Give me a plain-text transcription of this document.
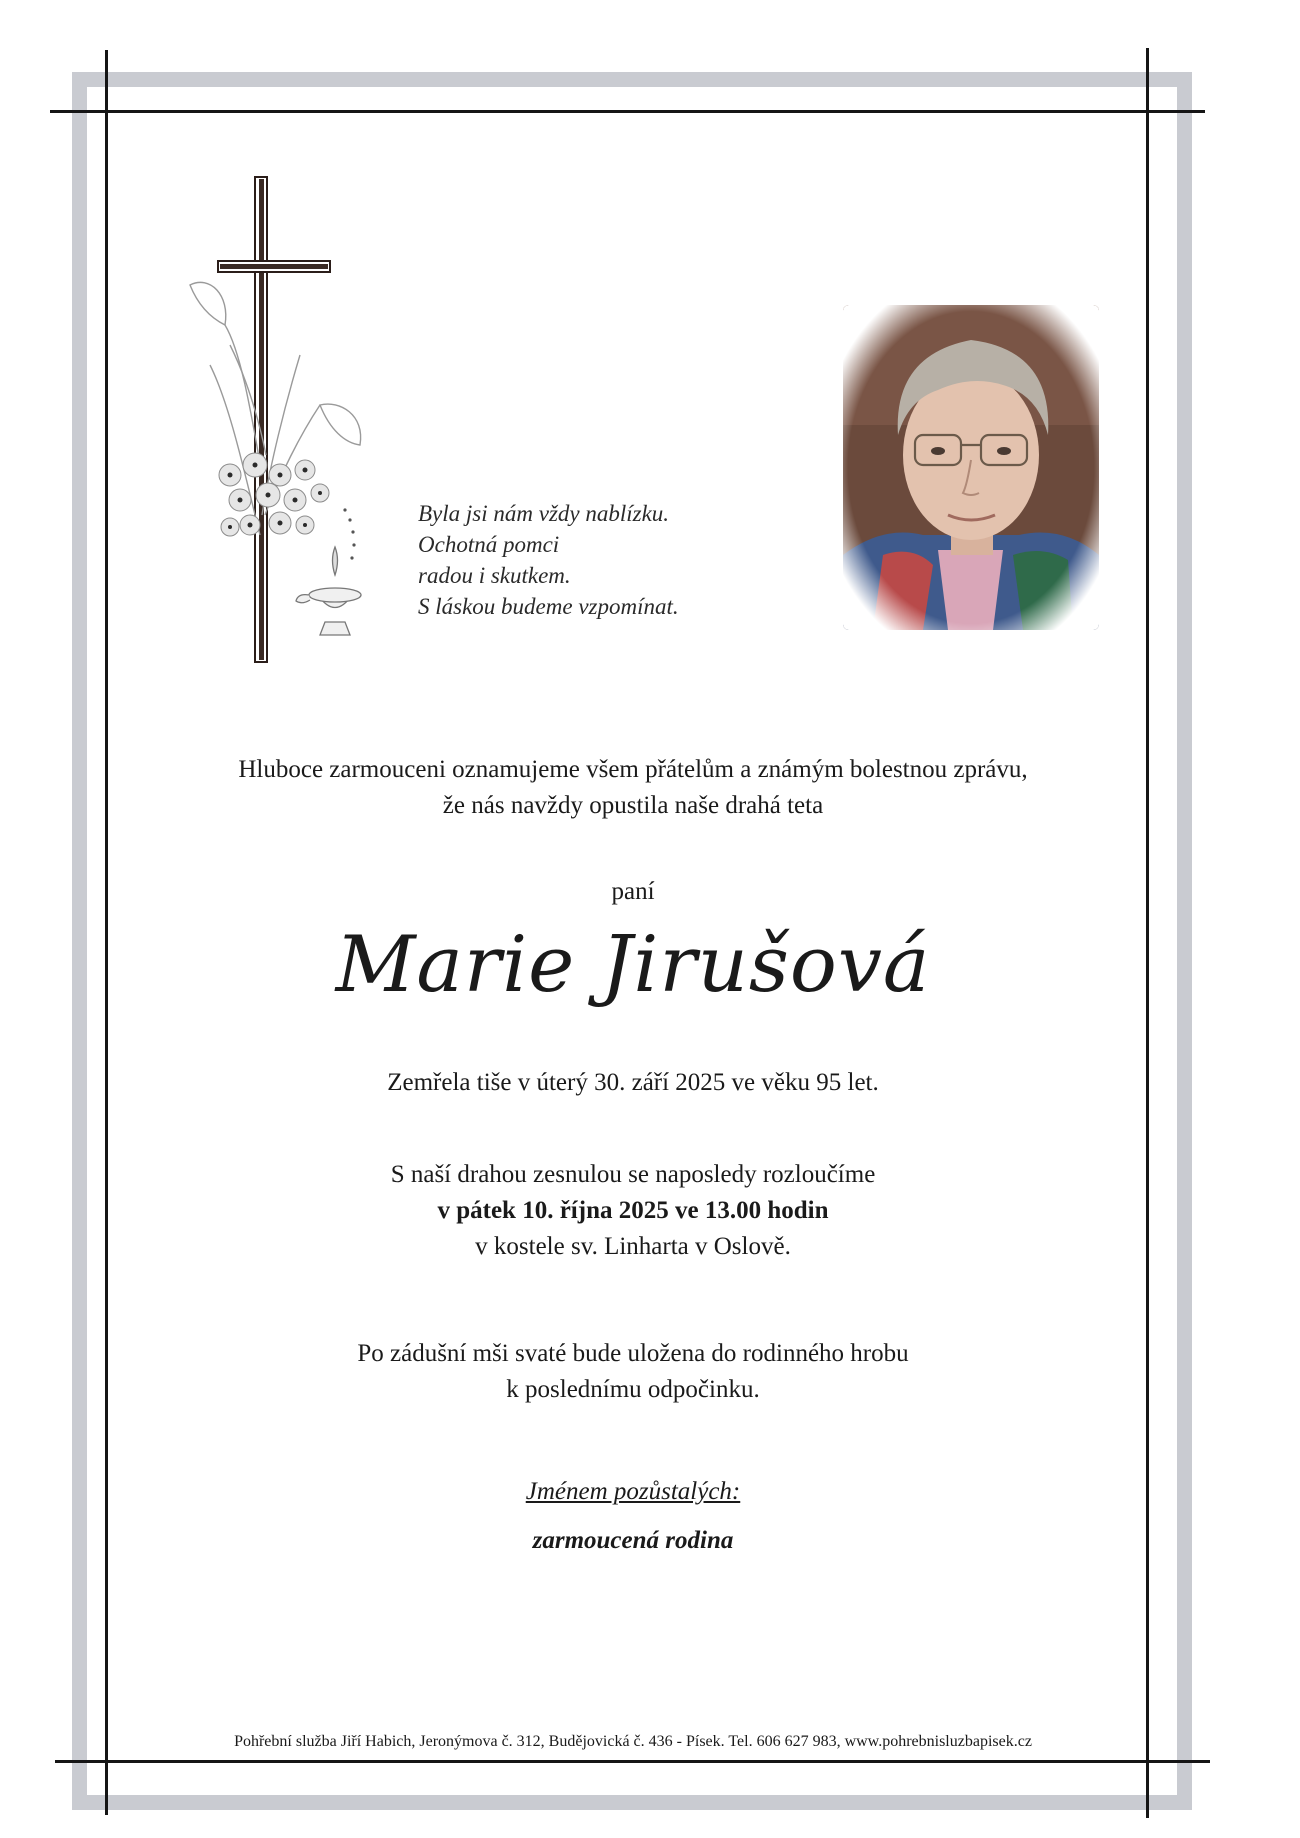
Byla jsi nám vždy nablízku.
Ochotná pomci
radou i skutkem.
S láskou budeme vzpomínat.
Hluboce zarmouceni oznamujeme všem přátelům a známým bolestnou zprávu,
že nás navždy opustila naše drahá teta
paní
Marie Jirušová
Zemřela tiše v úterý 30. září 2025 ve věku 95 let.
S naší drahou zesnulou se naposledy rozloučíme
v pátek 10. října 2025 ve 13.00 hodin
v kostele sv. Linharta v Oslově.
Po zádušní mši svaté bude uložena do rodinného hrobu
k poslednímu odpočinku.
Jménem pozůstalých:
zarmoucená rodina
Pohřební služba Jiří Habich, Jeronýmova č. 312, Budějovická č. 436 - Písek. Tel. 606 627 983, www.pohrebnisluzbapisek.cz
